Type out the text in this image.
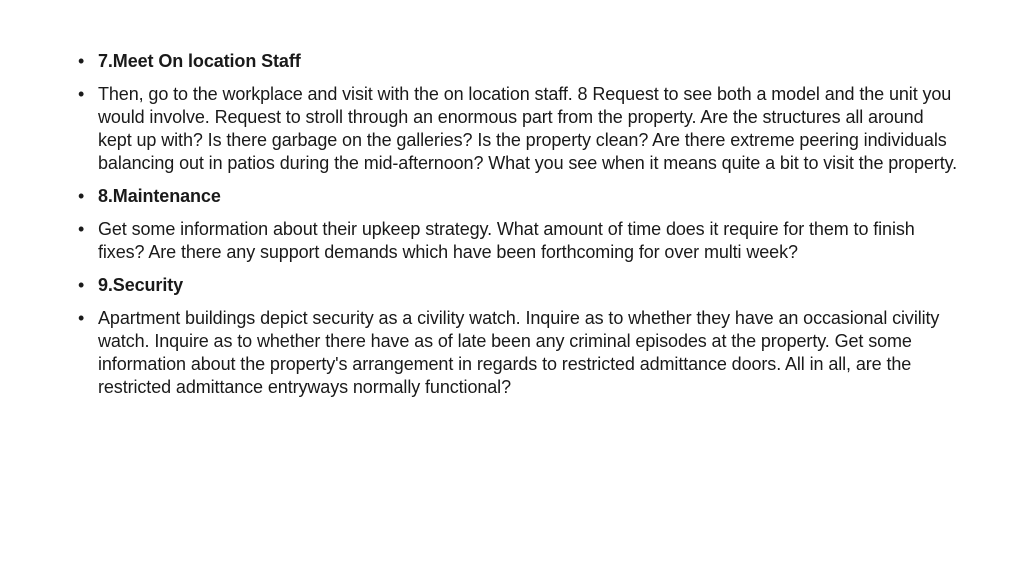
• 7.Meet On location Staff
• Then, go to the workplace and visit with the on location staff. 8 Request to see both a model and the unit you would involve. Request to stroll through an enormous part from the property. Are the structures all around kept up with? Is there garbage on the galleries? Is the property clean? Are there extreme peering individuals balancing out in patios during the mid-afternoon? What you see when it means quite a bit to visit the property.
• 8.Maintenance
• Get some information about their upkeep strategy. What amount of time does it require for them to finish fixes? Are there any support demands which have been forthcoming for over multi week?
• 9.Security
• Apartment buildings depict security as a civility watch. Inquire as to whether they have an occasional civility watch. Inquire as to whether there have as of late been any criminal episodes at the property. Get some information about the property's arrangement in regards to restricted admittance doors. All in all, are the restricted admittance entryways normally functional?
